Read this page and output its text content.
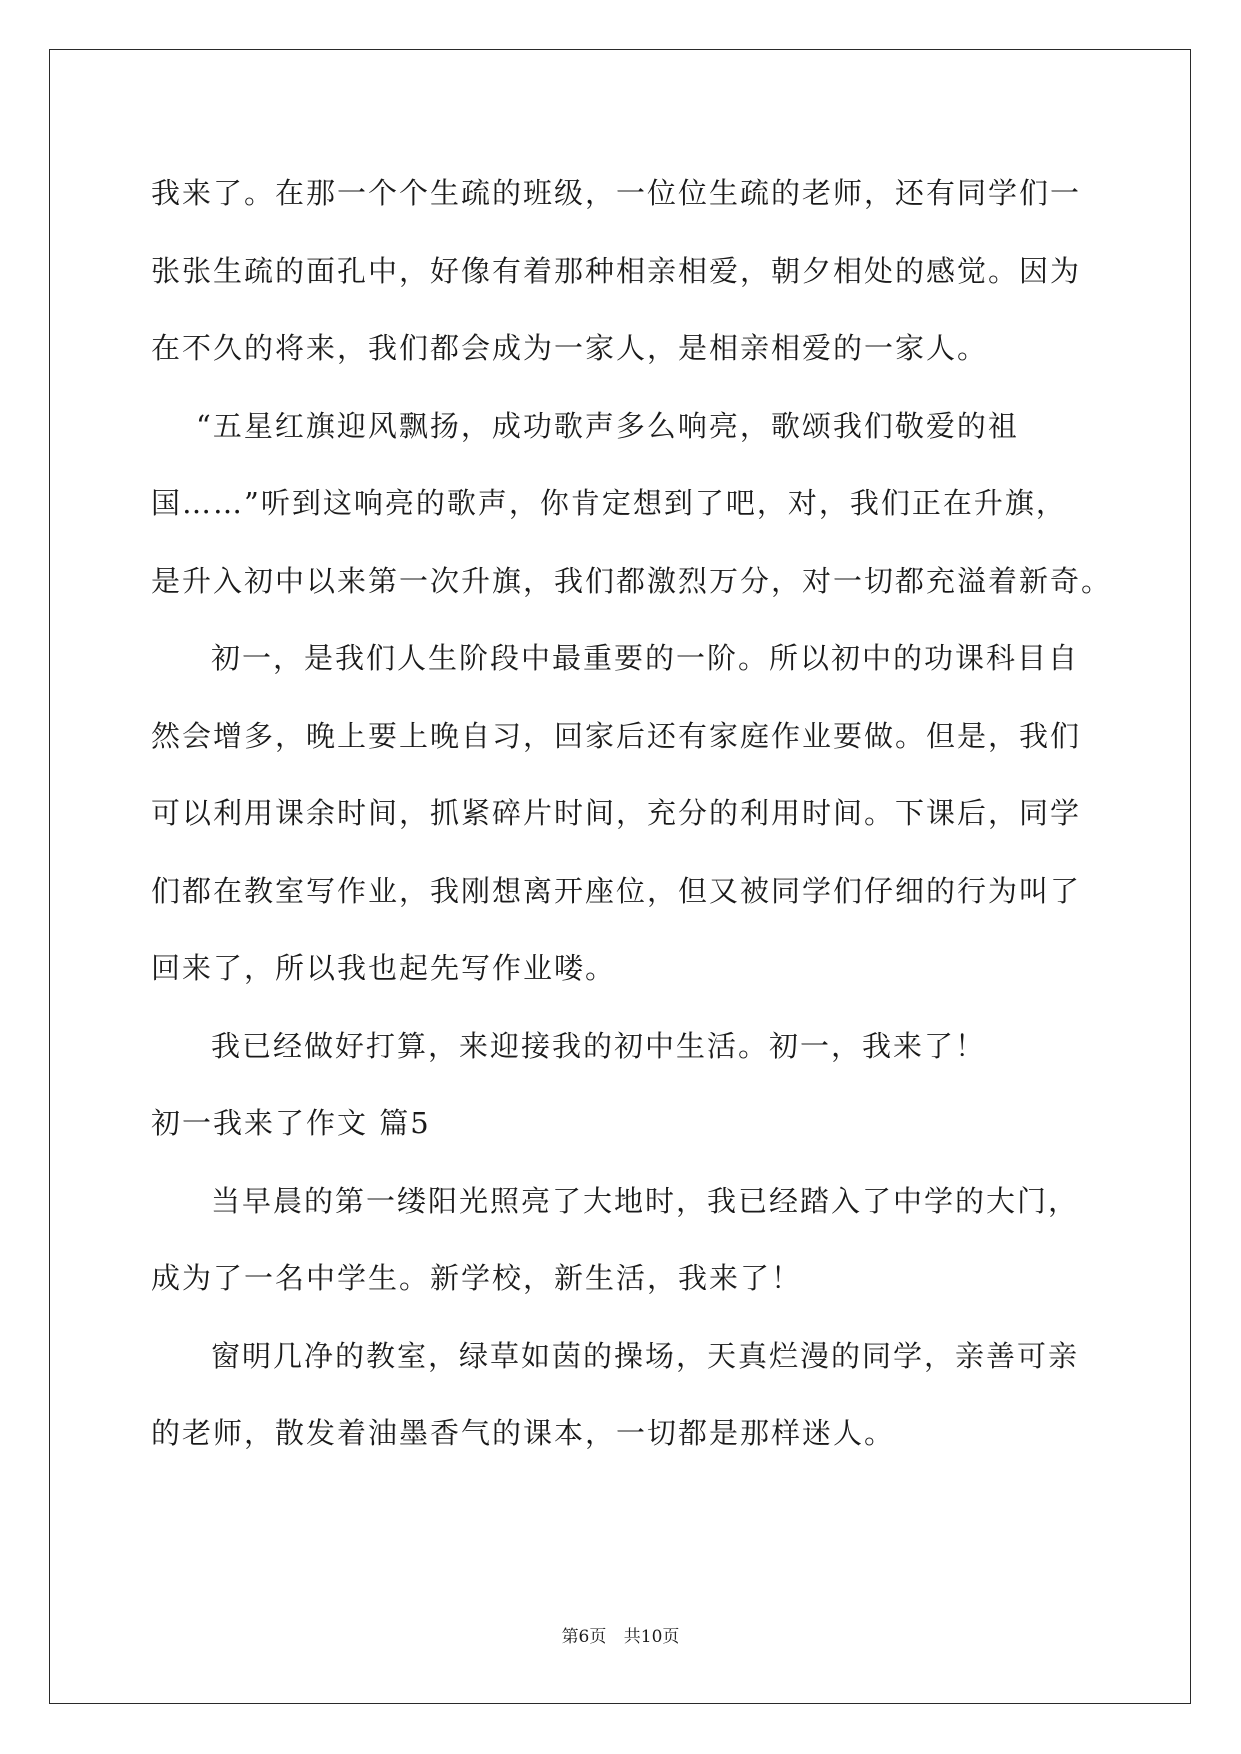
我来了。在那一个个生疏的班级，一位位生疏的老师，还有同学们一
张张生疏的面孔中，好像有着那种相亲相爱，朝夕相处的感觉。因为
在不久的将来，我们都会成为一家人，是相亲相爱的一家人。

“五星红旗迎风飘扬，成功歌声多么响亮，歌颂我们敬爱的祖
国……”听到这响亮的歌声，你肯定想到了吧，对，我们正在升旗，
是升入初中以来第一次升旗，我们都激烈万分，对一切都充溢着新奇。

初一，是我们人生阶段中最重要的一阶。所以初中的功课科目自
然会增多，晚上要上晚自习，回家后还有家庭作业要做。但是，我们
可以利用课余时间，抓紧碎片时间，充分的利用时间。下课后，同学
们都在教室写作业，我刚想离开座位，但又被同学们仔细的行为叫了
回来了，所以我也起先写作业喽。

我已经做好打算，来迎接我的初中生活。初一，我来了！

初一我来了作文 篇5

当早晨的第一缕阳光照亮了大地时，我已经踏入了中学的大门，
成为了一名中学生。新学校，新生活，我来了！

窗明几净的教室，绿草如茵的操场，天真烂漫的同学，亲善可亲
的老师，散发着油墨香气的课本，一切都是那样迷人。

第6页 共10页
